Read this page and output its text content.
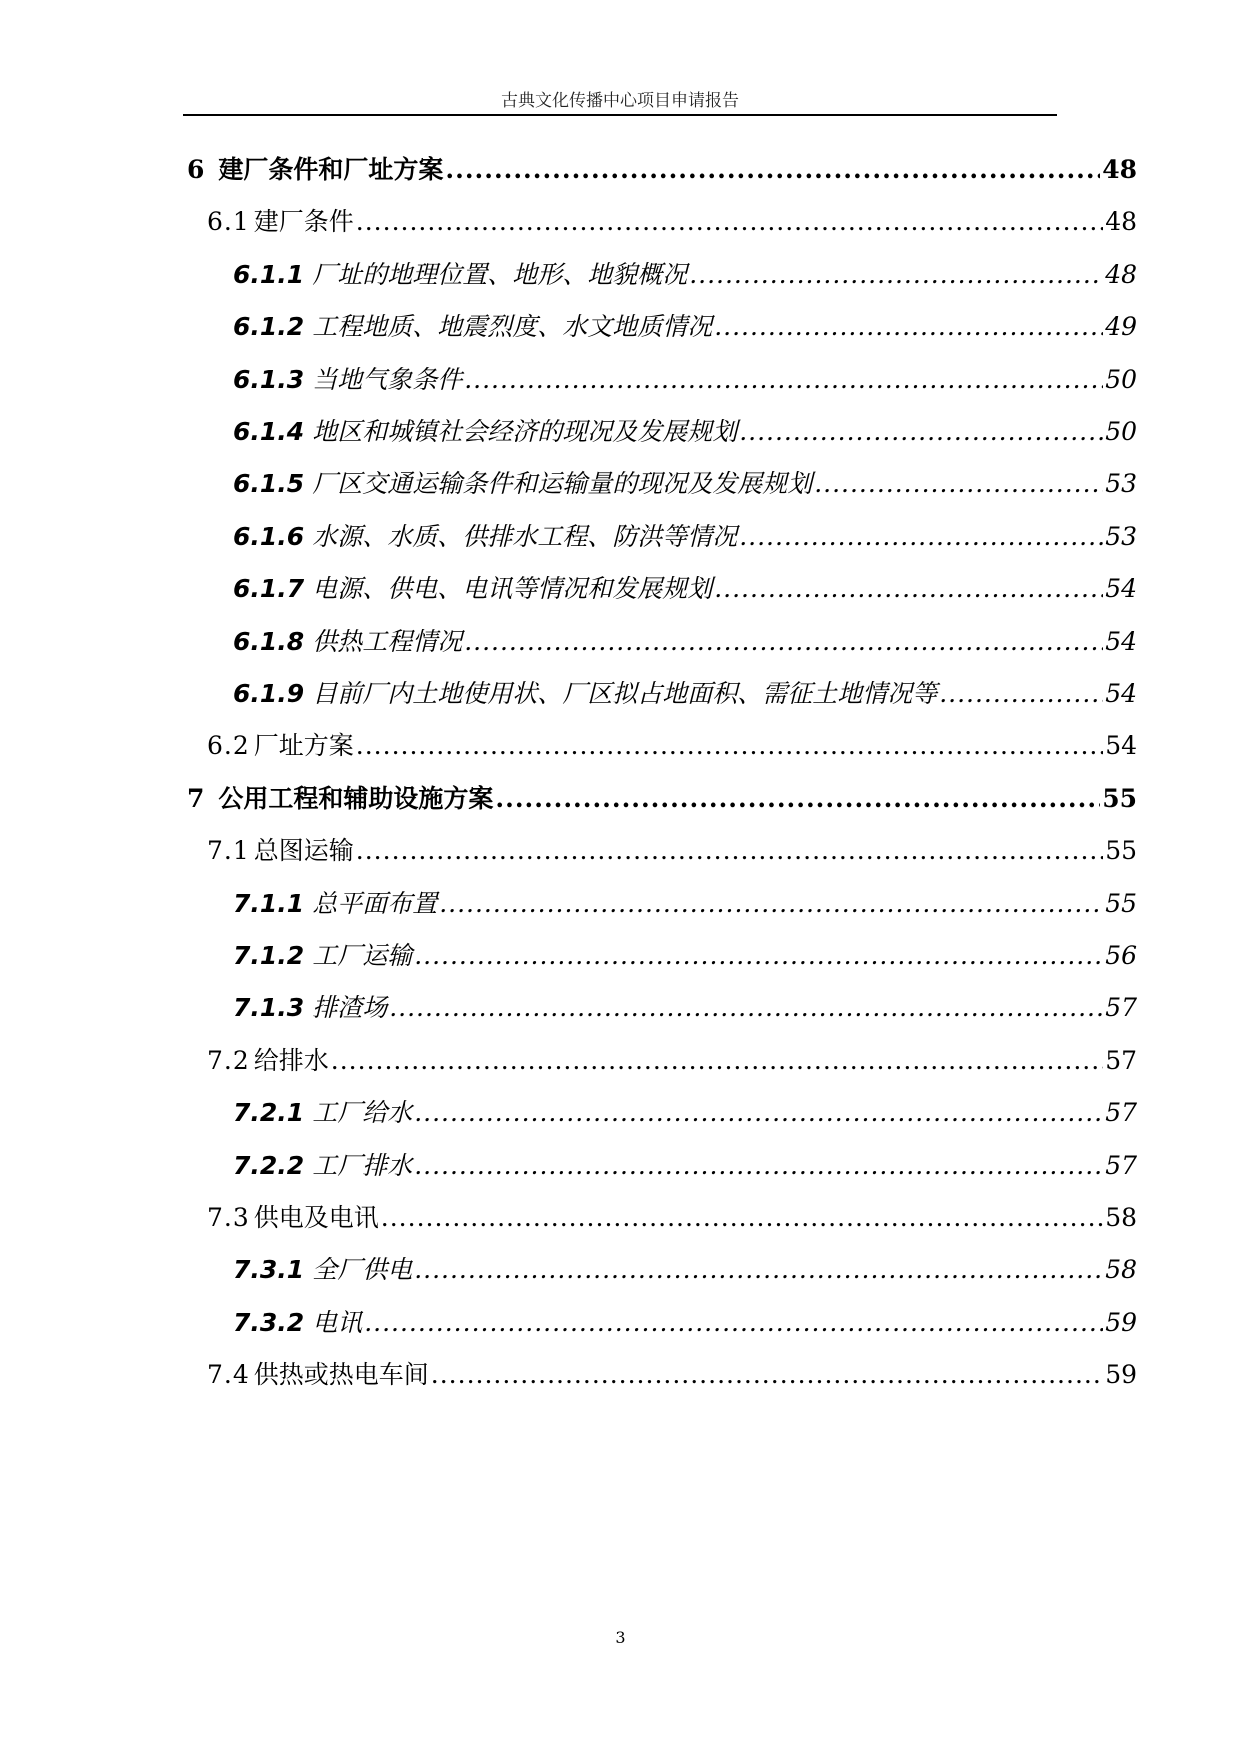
古典文化传播中心项目申请报告
6 建厂条件和厂址方案 .....	48
6.1 建厂条件 .....	48
6.1.1 厂址的地理位置、地形、地貌概况 .....	48
6.1.2 工程地质、地震烈度、水文地质情况 .....	49
6.1.3 当地气象条件 .....	50
6.1.4 地区和城镇社会经济的现况及发展规划 .....	50
6.1.5 厂区交通运输条件和运输量的现况及发展规划 .....	53
6.1.6 水源、水质、供排水工程、防洪等情况 .....	53
6.1.7 电源、供电、电讯等情况和发展规划 .....	54
6.1.8 供热工程情况 .....	54
6.1.9 目前厂内土地使用状、厂区拟占地面积、需征土地情况等 .....	54
6.2 厂址方案 .....	54
7 公用工程和辅助设施方案 .....	55
7.1 总图运输 .....	55
7.1.1 总平面布置 .....	55
7.1.2 工厂运输 .....	56
7.1.3 排渣场 .....	57
7.2 给排水 .....	57
7.2.1 工厂给水 .....	57
7.2.2 工厂排水 .....	57
7.3 供电及电讯 .....	58
7.3.1 全厂供电 .....	58
7.3.2 电讯 .....	59
7.4 供热或热电车间 .....	59
3
